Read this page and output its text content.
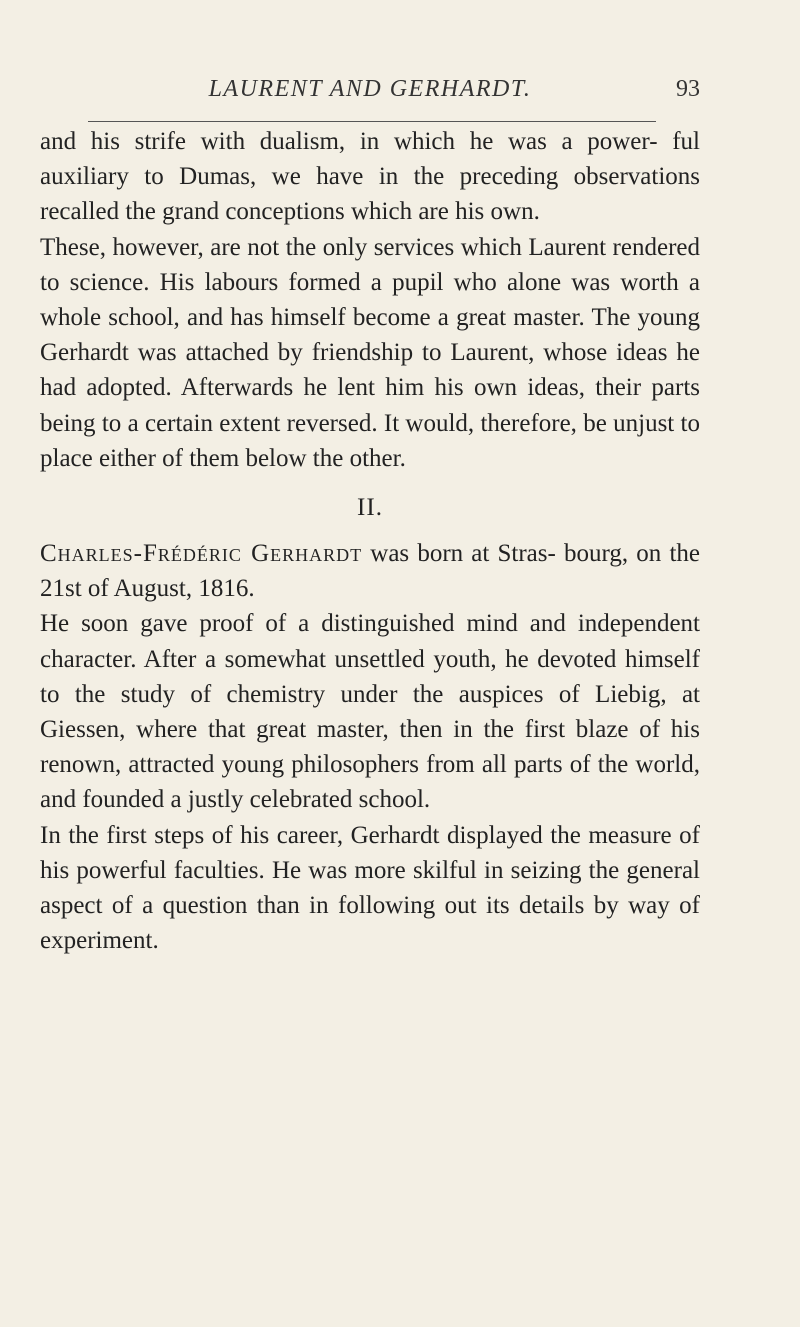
LAURENT AND GERHARDT.	93

and his strife with dualism, in which he was a power- ful auxiliary to Dumas, we have in the preceding observations recalled the grand conceptions which are his own.

These, however, are not the only services which Laurent rendered to science. His labours formed a pupil who alone was worth a whole school, and has himself become a great master. The young Gerhardt was attached by friendship to Laurent, whose ideas he had adopted. Afterwards he lent him his own ideas, their parts being to a certain extent reversed. It would, therefore, be unjust to place either of them below the other.

II.

Charles-Frédéric Gerhardt was born at Stras- bourg, on the 21st of August, 1816.

He soon gave proof of a distinguished mind and independent character. After a somewhat unsettled youth, he devoted himself to the study of chemistry under the auspices of Liebig, at Giessen, where that great master, then in the first blaze of his renown, attracted young philosophers from all parts of the world, and founded a justly celebrated school.

In the first steps of his career, Gerhardt displayed the measure of his powerful faculties. He was more skilful in seizing the general aspect of a question than in following out its details by way of experiment.
